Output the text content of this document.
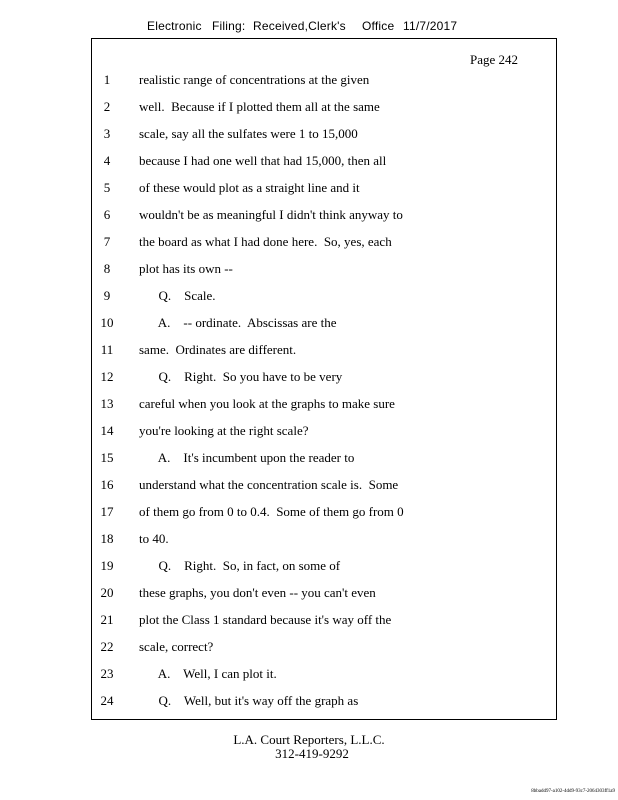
Electronic Filing: Received,Clerk's Office 11/7/2017
Page 242
1	realistic range of concentrations at the given
2	well.  Because if I plotted them all at the same
3	scale, say all the sulfates were 1 to 15,000
4	because I had one well that had 15,000, then all
5	of these would plot as a straight line and it
6	wouldn't be as meaningful I didn't think anyway to
7	the board as what I had done here.  So, yes, each
8	plot has its own --
9	Q.    Scale.
10	A.    -- ordinate.  Abscissas are the
11	same.  Ordinates are different.
12	Q.    Right.  So you have to be very
13	careful when you look at the graphs to make sure
14	you're looking at the right scale?
15	A.    It's incumbent upon the reader to
16	understand what the concentration scale is.  Some
17	of them go from 0 to 0.4.  Some of them go from 0
18	to 40.
19	Q.    Right.  So, in fact, on some of
20	these graphs, you don't even -- you can't even
21	plot the Class 1 standard because it's way off the
22	scale, correct?
23	A.    Well, I can plot it.
24	Q.    Well, but it's way off the graph as
L.A. Court Reporters, L.L.C.
312-419-9292
8bbadd97-a102-4dd9-93c7-2064303ff1a9
